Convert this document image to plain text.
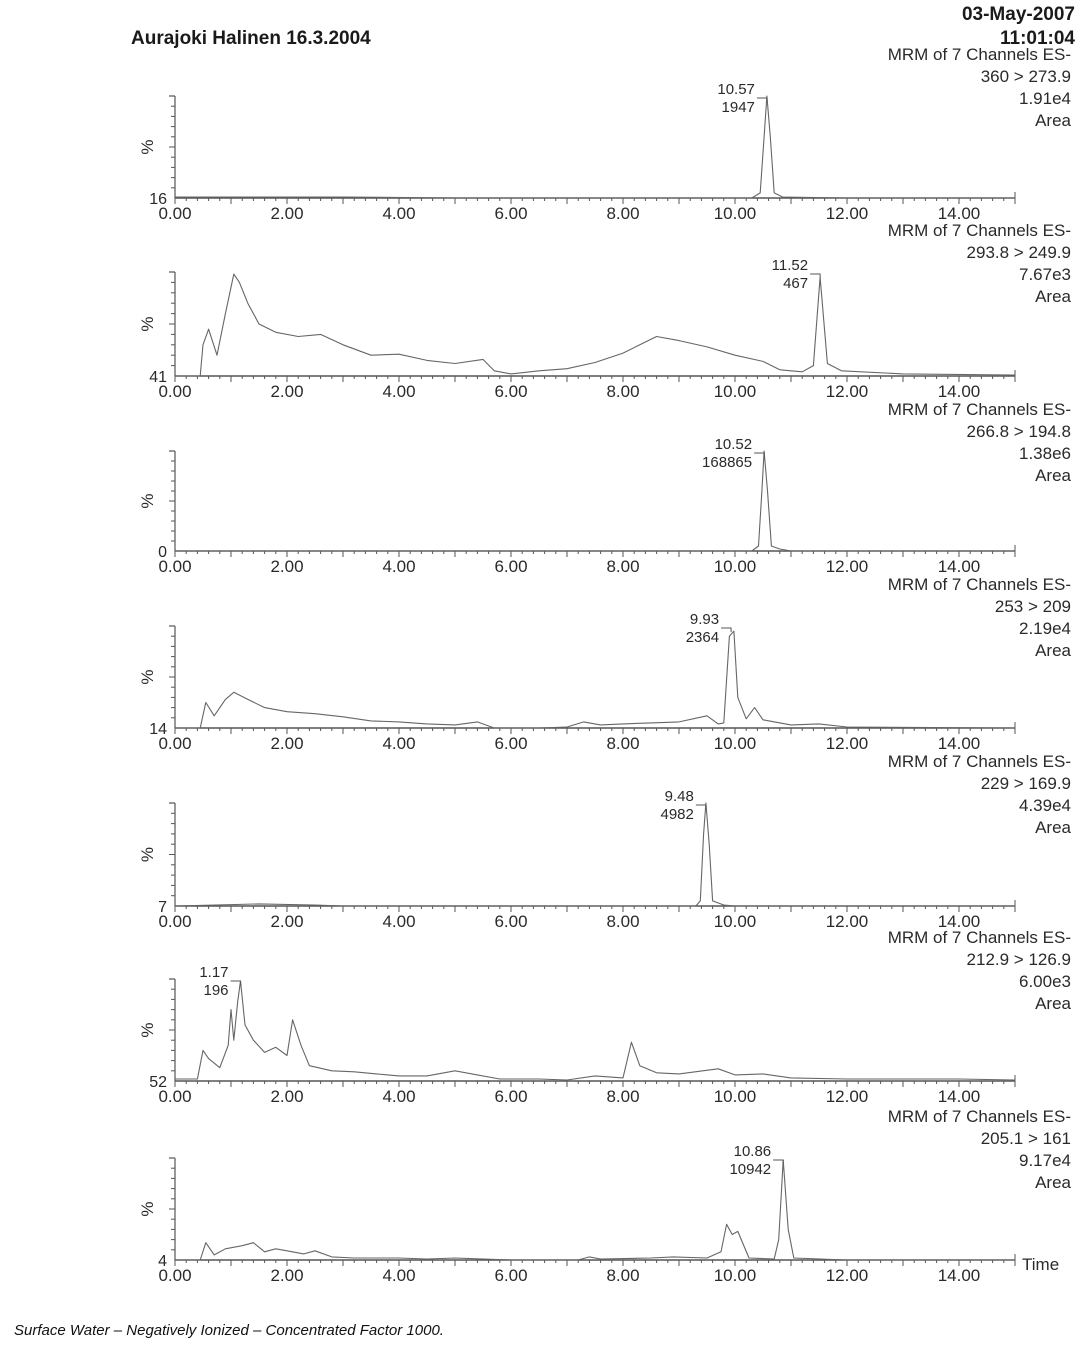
Aurajoki Halinen 16.3.2004
03-May-2007
11:01:04
%
16
0.00	2.00	4.00	6.00	8.00	10.00	12.00	14.00
10.57
1947
MRM of 7 Channels ES-
360 > 273.9
1.91e4
Area
%
41
0.00	2.00	4.00	6.00	8.00	10.00	12.00	14.00
11.52
467
MRM of 7 Channels ES-
293.8 > 249.9
7.67e3
Area
%
0
0.00	2.00	4.00	6.00	8.00	10.00	12.00	14.00
10.52
168865
MRM of 7 Channels ES-
266.8 > 194.8
1.38e6
Area
%
14
0.00	2.00	4.00	6.00	8.00	10.00	12.00	14.00
9.93
2364
MRM of 7 Channels ES-
253 > 209
2.19e4
Area
%
7
0.00	2.00	4.00	6.00	8.00	10.00	12.00	14.00
9.48
4982
MRM of 7 Channels ES-
229 > 169.9
4.39e4
Area
%
52
0.00	2.00	4.00	6.00	8.00	10.00	12.00	14.00
1.17
196
MRM of 7 Channels ES-
212.9 > 126.9
6.00e3
Area
%
4
0.00	2.00	4.00	6.00	8.00	10.00	12.00	14.00
Time
10.86
10942
MRM of 7 Channels ES-
205.1 > 161
9.17e4
Area
Surface Water – Negatively Ionized – Concentrated Factor 1000.
